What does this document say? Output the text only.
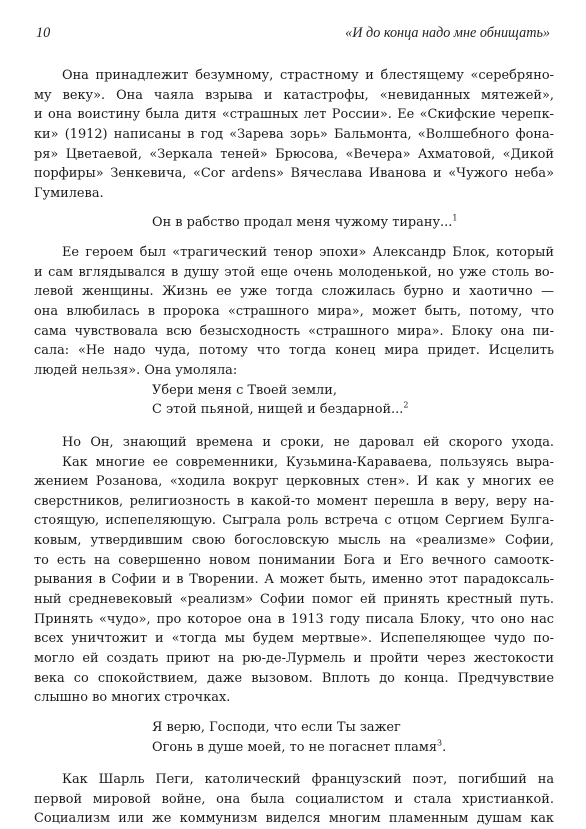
10	«И до конца надо мне обнищать»
Она принадлежит безумному, страстному и блестящему «серебряно-
му веку». Она чаяла взрыва и катастрофы, «невиданных мятежей»,
и она воистину была дитя «страшных лет России». Ее «Скифские черепк-
ки» (1912) написаны в год «Зарева зорь» Бальмонта, «Волшебного фона-
ря» Цветаевой, «Зеркала теней» Брюсова, «Вечера» Ахматовой, «Дикой
порфиры» Зенкевича, «Cor ardens» Вячеслава Иванова и «Чужого неба»
Гумилева.
Он в рабство продал меня чужому тирану...$^1$
Ее героем был «трагический тенор эпохи» Александр Блок, который
и сам вглядывался в душу этой еще очень молоденькой, но уже столь во-
левой женщины. Жизнь ее уже тогда сложилась бурно и хаотично —
она влюбилась в пророка «страшного мира», может быть, потому, что
сама чувствовала всю безысходность «страшного мира». Блоку она пи-
сала: «Не надо чуда, потому что тогда конец мира придет. Исцелить
людей нельзя». Она умоляла:
Убери меня с Твоей земли,
С этой пьяной, нищей и бездарной...$^2$
Но Он, знающий времена и сроки, не даровал ей скорого ухода.
Как многие ее современники, Кузьмина-Караваева, пользуясь выра-
жением Розанова, «ходила вокруг церковных стен». И как у многих ее
сверстников, религиозность в какой-то момент перешла в веру, веру на-
стоящую, испепеляющую. Сыграла роль встреча с отцом Сергием Булга-
ковым, утвердившим свою богословскую мысль на «реализме» Софии,
то есть на совершенно новом понимании Бога и Его вечного самоотк-
рывания в Софии и в Творении. А может быть, именно этот парадоксаль-
ный средневековый «реализм» Софии помог ей принять крестный путь.
Принять «чудо», про которое она в 1913 году писала Блоку, что оно нас
всех уничтожит и «тогда мы будем мертвые». Испепеляющее чудо по-
могло ей создать приют на рю-де-Лурмель и пройти через жестокости
века со спокойствием, даже вызовом. Вплоть до конца. Предчувствие
слышно во многих строчках.
Я верю, Господи, что если Ты зажег
Огонь в душе моей, то не погаснет пламя$^3$.
Как Шарль Пеги, католический французский поэт, погибший на
первой мировой войне, она была социалистом и стала христианкой.
Социализм или же коммунизм виделся многим пламенным душам как
